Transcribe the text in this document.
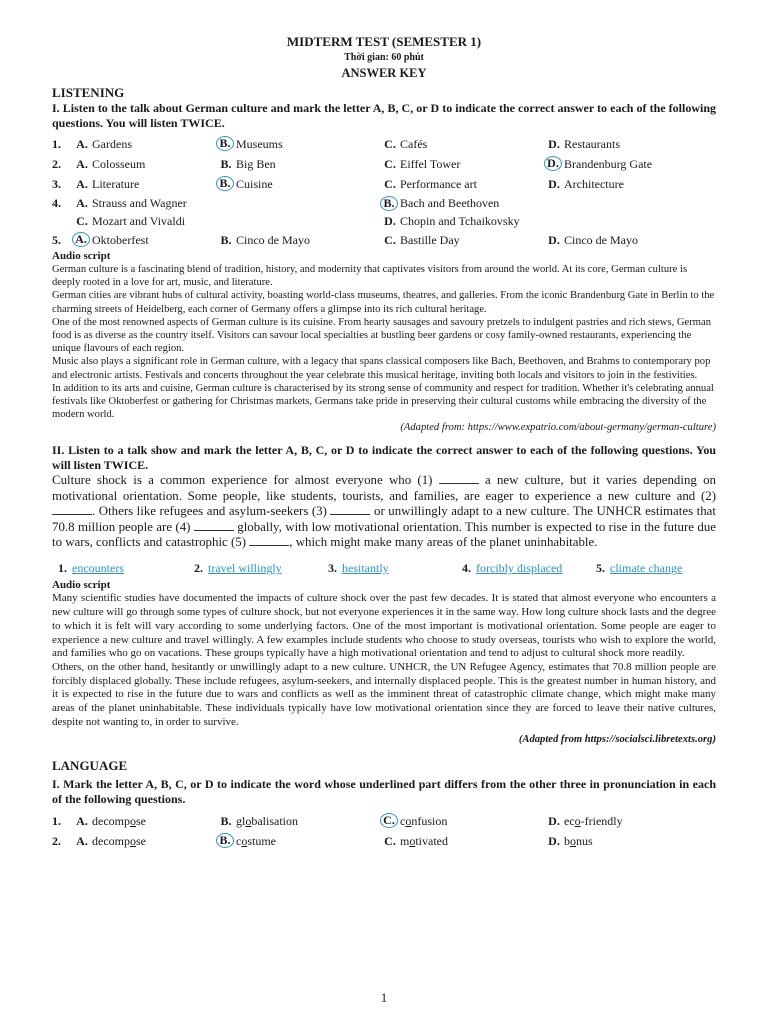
MIDTERM TEST (SEMESTER 1)
Thời gian: 60 phút
ANSWER KEY
LISTENING
I. Listen to the talk about German culture and mark the letter A, B, C, or D to indicate the correct answer to each of the following questions. You will listen TWICE.
1.	A. Gardens	B. Museums	C. Cafés	D. Restaurants
2.	A. Colosseum	B. Big Ben	C. Eiffel Tower	D. Brandenburg Gate
3.	A. Literature	B. Cuisine	C. Performance art	D. Architecture
4.	A. Strauss and Wagner	B. Bach and Beethoven
C. Mozart and Vivaldi	D. Chopin and Tchaikovsky
5.	A. Oktoberfest	B. Cinco de Mayo	C. Bastille Day	D. Cinco de Mayo
Audio script

German culture is a fascinating blend of tradition, history, and modernity that captivates visitors from around the world. At its core, German culture is deeply rooted in a love for art, music, and literature.

German cities are vibrant hubs of cultural activity, boasting world-class museums, theatres, and galleries. From the iconic Brandenburg Gate in Berlin to the charming streets of Heidelberg, each corner of Germany offers a glimpse into its rich cultural heritage.

One of the most renowned aspects of German culture is its cuisine. From hearty sausages and savoury pretzels to indulgent pastries and rich stews, German food is as diverse as the country itself. Visitors can savour local specialties at bustling beer gardens or cosy family-owned restaurants, experiencing the unique flavours of each region.

Music also plays a significant role in German culture, with a legacy that spans classical composers like Bach, Beethoven, and Brahms to contemporary pop and electronic artists. Festivals and concerts throughout the year celebrate this musical heritage, inviting both locals and visitors to join in the festivities.

In addition to its arts and cuisine, German culture is characterised by its strong sense of community and respect for tradition. Whether it's celebrating annual festivals like Oktoberfest or gathering for Christmas markets, Germans take pride in preserving their cultural customs while embracing the diversity of the modern world.

(Adapted from: https://www.expatrio.com/about-germany/german-culture)
II. Listen to a talk show and mark the letter A, B, C, or D to indicate the correct answer to each of the following questions. You will listen TWICE.
Culture shock is a common experience for almost everyone who (1)	a new culture, but it varies depending on motivational orientation. Some people, like students, tourists, and families, are eager to experience a new culture and (2) . Others like refugees and asylum-seekers (3)	or unwillingly adapt to a new culture. The UNHCR estimates that 70.8 million people are (4)	globally, with low motivational orientation. This number is expected to rise in the future due to wars, conflicts and catastrophic (5)	, which might make many areas of the planet uninhabitable.
1. encounters	2. travel willingly	3. hesitantly	4. forcibly displaced	5. climate change
Audio script

Many scientific studies have documented the impacts of culture shock over the past few decades. It is stated that almost everyone who encounters a new culture will go through some types of culture shock, but not everyone experiences it in the same way. How long culture shock lasts and the degree to which it is felt will vary according to some underlying factors. One of the most important is motivational orientation. Some people are eager to experience a new culture and travel willingly. A few examples include students who choose to study overseas, tourists who wish to explore the world, and families who go on vacations. These groups typically have a high motivational orientation and tend to adjust to cultural shock more readily.

Others, on the other hand, hesitantly or unwillingly adapt to a new culture. UNHCR, the UN Refugee Agency, estimates that 70.8 million people are forcibly displaced globally. These include refugees, asylum-seekers, and internally displaced people. This is the greatest number in human history, and it is expected to rise in the future due to wars and conflicts as well as the imminent threat of catastrophic climate change, which might make many areas of the planet uninhabitable. These individuals typically have low motivational orientation since they are forced to leave their native cultures, despite not wanting to, in order to survive.

(Adapted from https://socialsci.libretexts.org)
LANGUAGE
I. Mark the letter A, B, C, or D to indicate the word whose underlined part differs from the other three in pronunciation in each of the following questions.
1.	A. decompose	B. globalisation	C. confusion	D. eco-friendly
2.	A. decompose	B. costume	C. motivated	D. bonus
1
